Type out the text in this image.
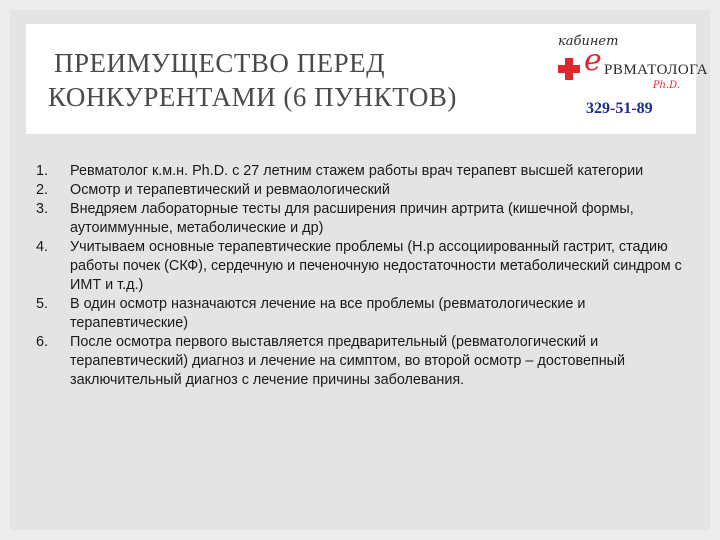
ПРЕИМУЩЕСТВО ПЕРЕД
КОНКУРЕНТАМИ (6 ПУНКТОВ)
кабинет
е РВМАТОЛОГА
Ph.D.
329-51-89
1. Ревматолог к.м.н. Ph.D. с 27 летним стажем работы врач терапевт высшей категории
2. Осмотр и терапевтический и ревмаологический
3. Внедряем лабораторные тесты для расширения причин артрита (кишечной формы, аутоиммунные, метаболические и др)
4. Учитываем основные терапевтические проблемы (Н.р ассоциированный гастрит, стадию работы почек (СКФ), сердечную и печеночную недостаточности метаболический синдром с ИМТ и т.д.)
5. В один осмотр назначаются лечение на все проблемы (ревматологические и терапевтические)
6. После осмотра первого выставляется предварительный (ревматологический и терапевтический) диагноз и лечение на симптом, во второй осмотр – достовепный заключительный диагноз с лечение причины заболевания.
